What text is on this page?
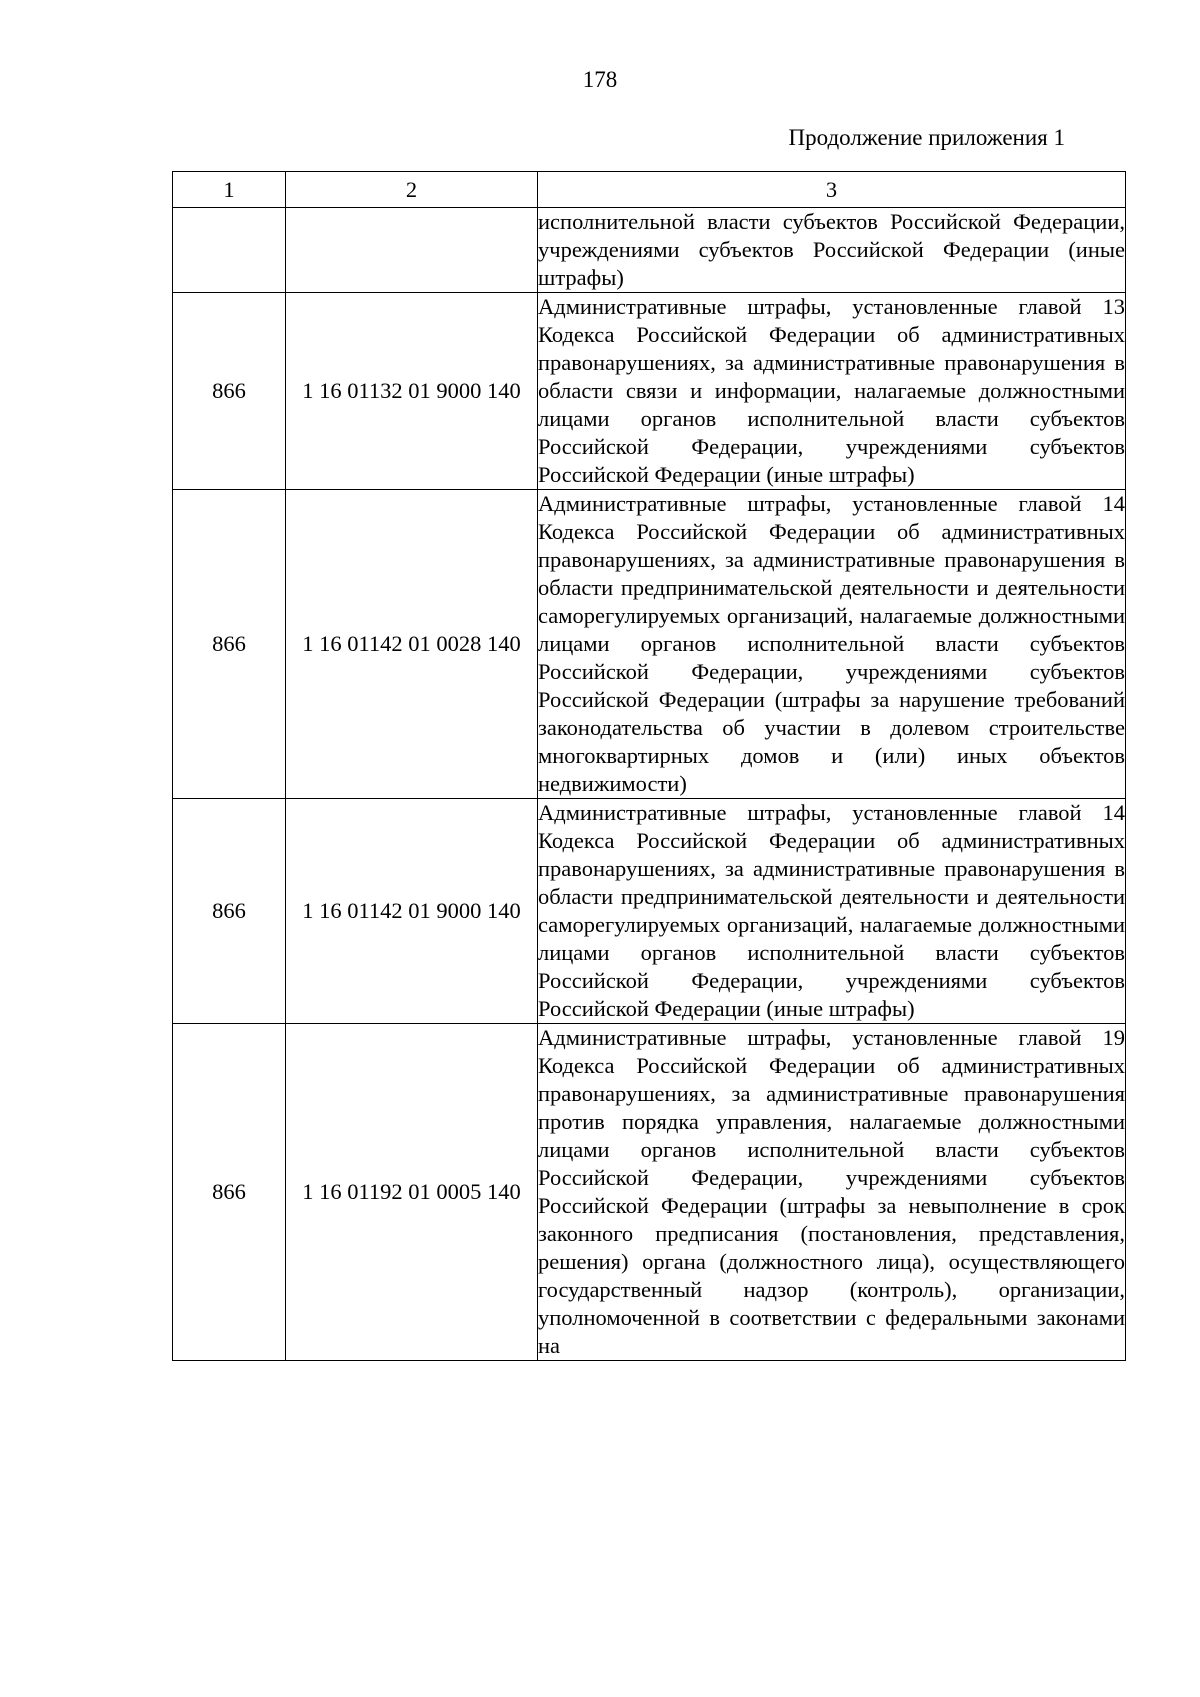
178
Продолжение приложения 1
1	2	3

		исполнительной власти субъектов Российской Федерации, учреждениями субъектов Российской Федерации (иные штрафы)

866	1 16 01132 01 9000 140	Административные штрафы, установленные главой 13 Кодекса Российской Федерации об административных правонарушениях, за административные правонарушения в области связи и информации, налагаемые должностными лицами органов исполнительной власти субъектов Российской Федерации, учреждениями субъектов Российской Федерации (иные штрафы)

866	1 16 01142 01 0028 140	Административные штрафы, установленные главой 14 Кодекса Российской Федерации об административных правонарушениях, за административные правонарушения в области предпринимательской деятельности и деятельности саморегулируемых организаций, налагаемые должностными лицами органов исполнительной власти субъектов Российской Федерации, учреждениями субъектов Российской Федерации (штрафы за нарушение требований законодательства об участии в долевом строительстве многоквартирных домов и (или) иных объектов недвижимости)

866	1 16 01142 01 9000 140	Административные штрафы, установленные главой 14 Кодекса Российской Федерации об административных правонарушениях, за административные правонарушения в области предпринимательской деятельности и деятельности саморегулируемых организаций, налагаемые должностными лицами органов исполнительной власти субъектов Российской Федерации, учреждениями субъектов Российской Федерации (иные штрафы)

866	1 16 01192 01 0005 140	Административные штрафы, установленные главой 19 Кодекса Российской Федерации об административных правонарушениях, за административные правонарушения против порядка управления, налагаемые должностными лицами органов исполнительной власти субъектов Российской Федерации, учреждениями субъектов Российской Федерации (штрафы за невыполнение в срок законного предписания (постановления, представления, решения) органа (должностного лица), осуществляющего государственный надзор (контроль), организации, уполномоченной в соответствии с федеральными законами на
